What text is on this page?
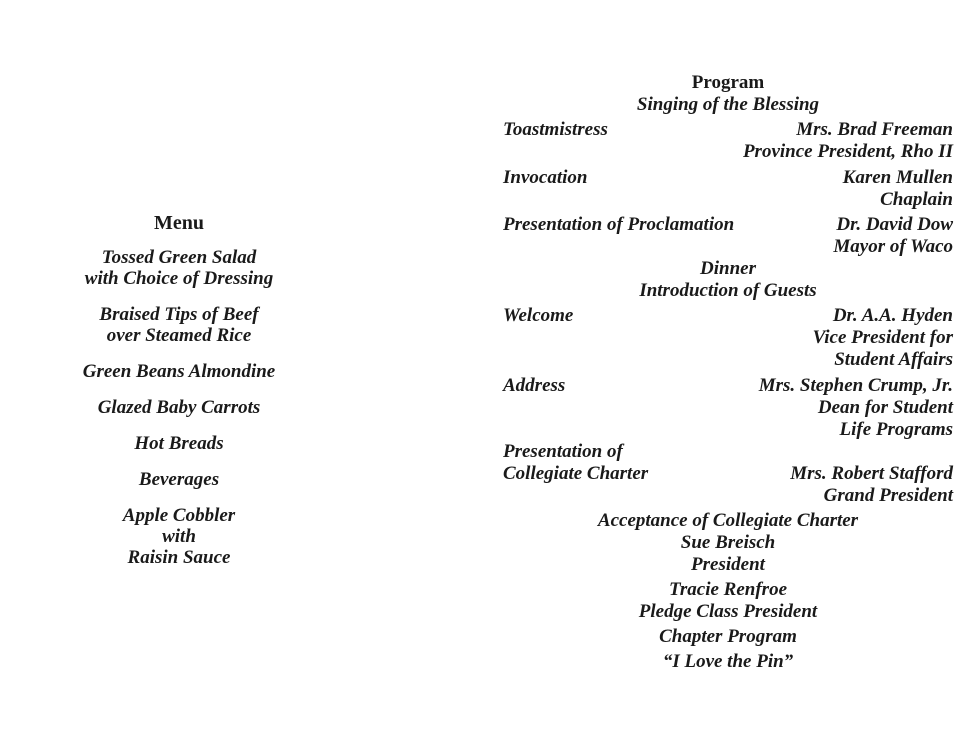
Menu
Tossed Green Salad
with Choice of Dressing
Braised Tips of Beef
over Steamed Rice
Green Beans Almondine
Glazed Baby Carrots
Hot Breads
Beverages
Apple Cobbler
with
Raisin Sauce
Program
Singing of the Blessing
Toastmistress	Mrs. Brad Freeman
Province President, Rho II
Invocation	Karen Mullen
Chaplain
Presentation of Proclamation	Dr. David Dow
Mayor of Waco
Dinner
Introduction of Guests
Welcome	Dr. A.A. Hyden
Vice President for
Student Affairs
Address	Mrs. Stephen Crump, Jr.
Dean for Student
Life Programs
Presentation of
Collegiate Charter	Mrs. Robert Stafford
Grand President
Acceptance of Collegiate Charter
Sue Breisch
President
Tracie Renfroe
Pledge Class President
Chapter Program
“I Love the Pin”
